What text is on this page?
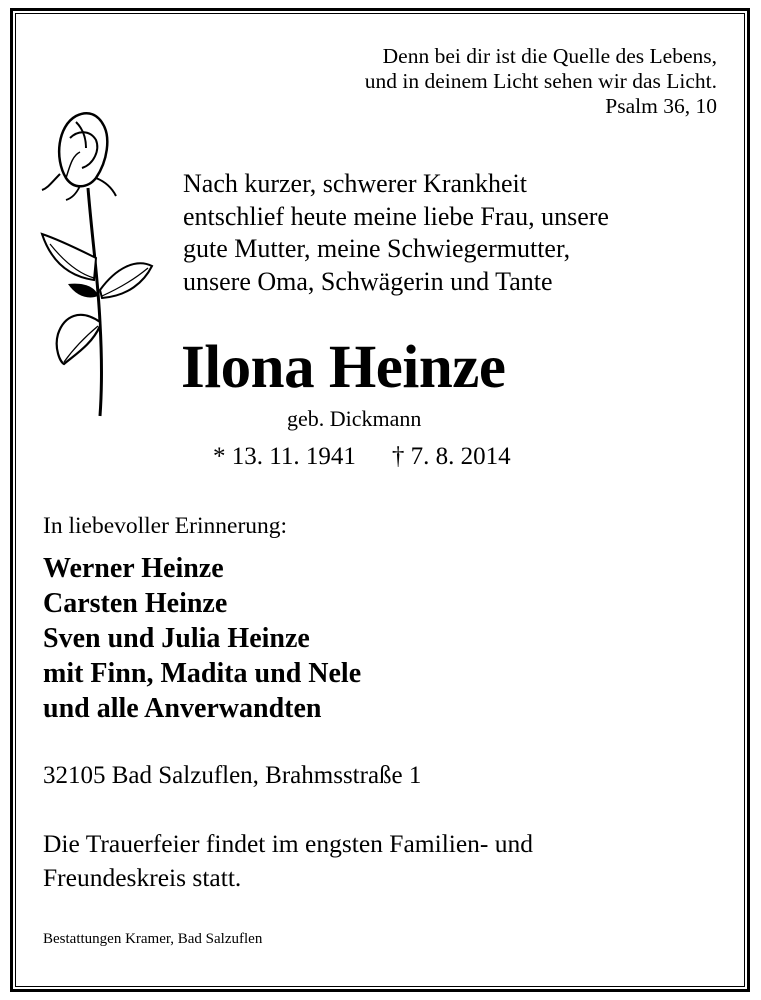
Denn bei dir ist die Quelle des Lebens,
und in deinem Licht sehen wir das Licht.
Psalm 36, 10
Nach kurzer, schwerer Krankheit
entschlief heute meine liebe Frau, unsere
gute Mutter, meine Schwiegermutter,
unsere Oma, Schwägerin und Tante
Ilona Heinze
geb. Dickmann
* 13. 11. 1941 † 7. 8. 2014
In liebevoller Erinnerung:
Werner Heinze
Carsten Heinze
Sven und Julia Heinze
mit Finn, Madita und Nele
und alle Anverwandten
32105 Bad Salzuflen, Brahmsstraße 1
Die Trauerfeier findet im engsten Familien- und
Freundeskreis statt.
Bestattungen Kramer, Bad Salzuflen
